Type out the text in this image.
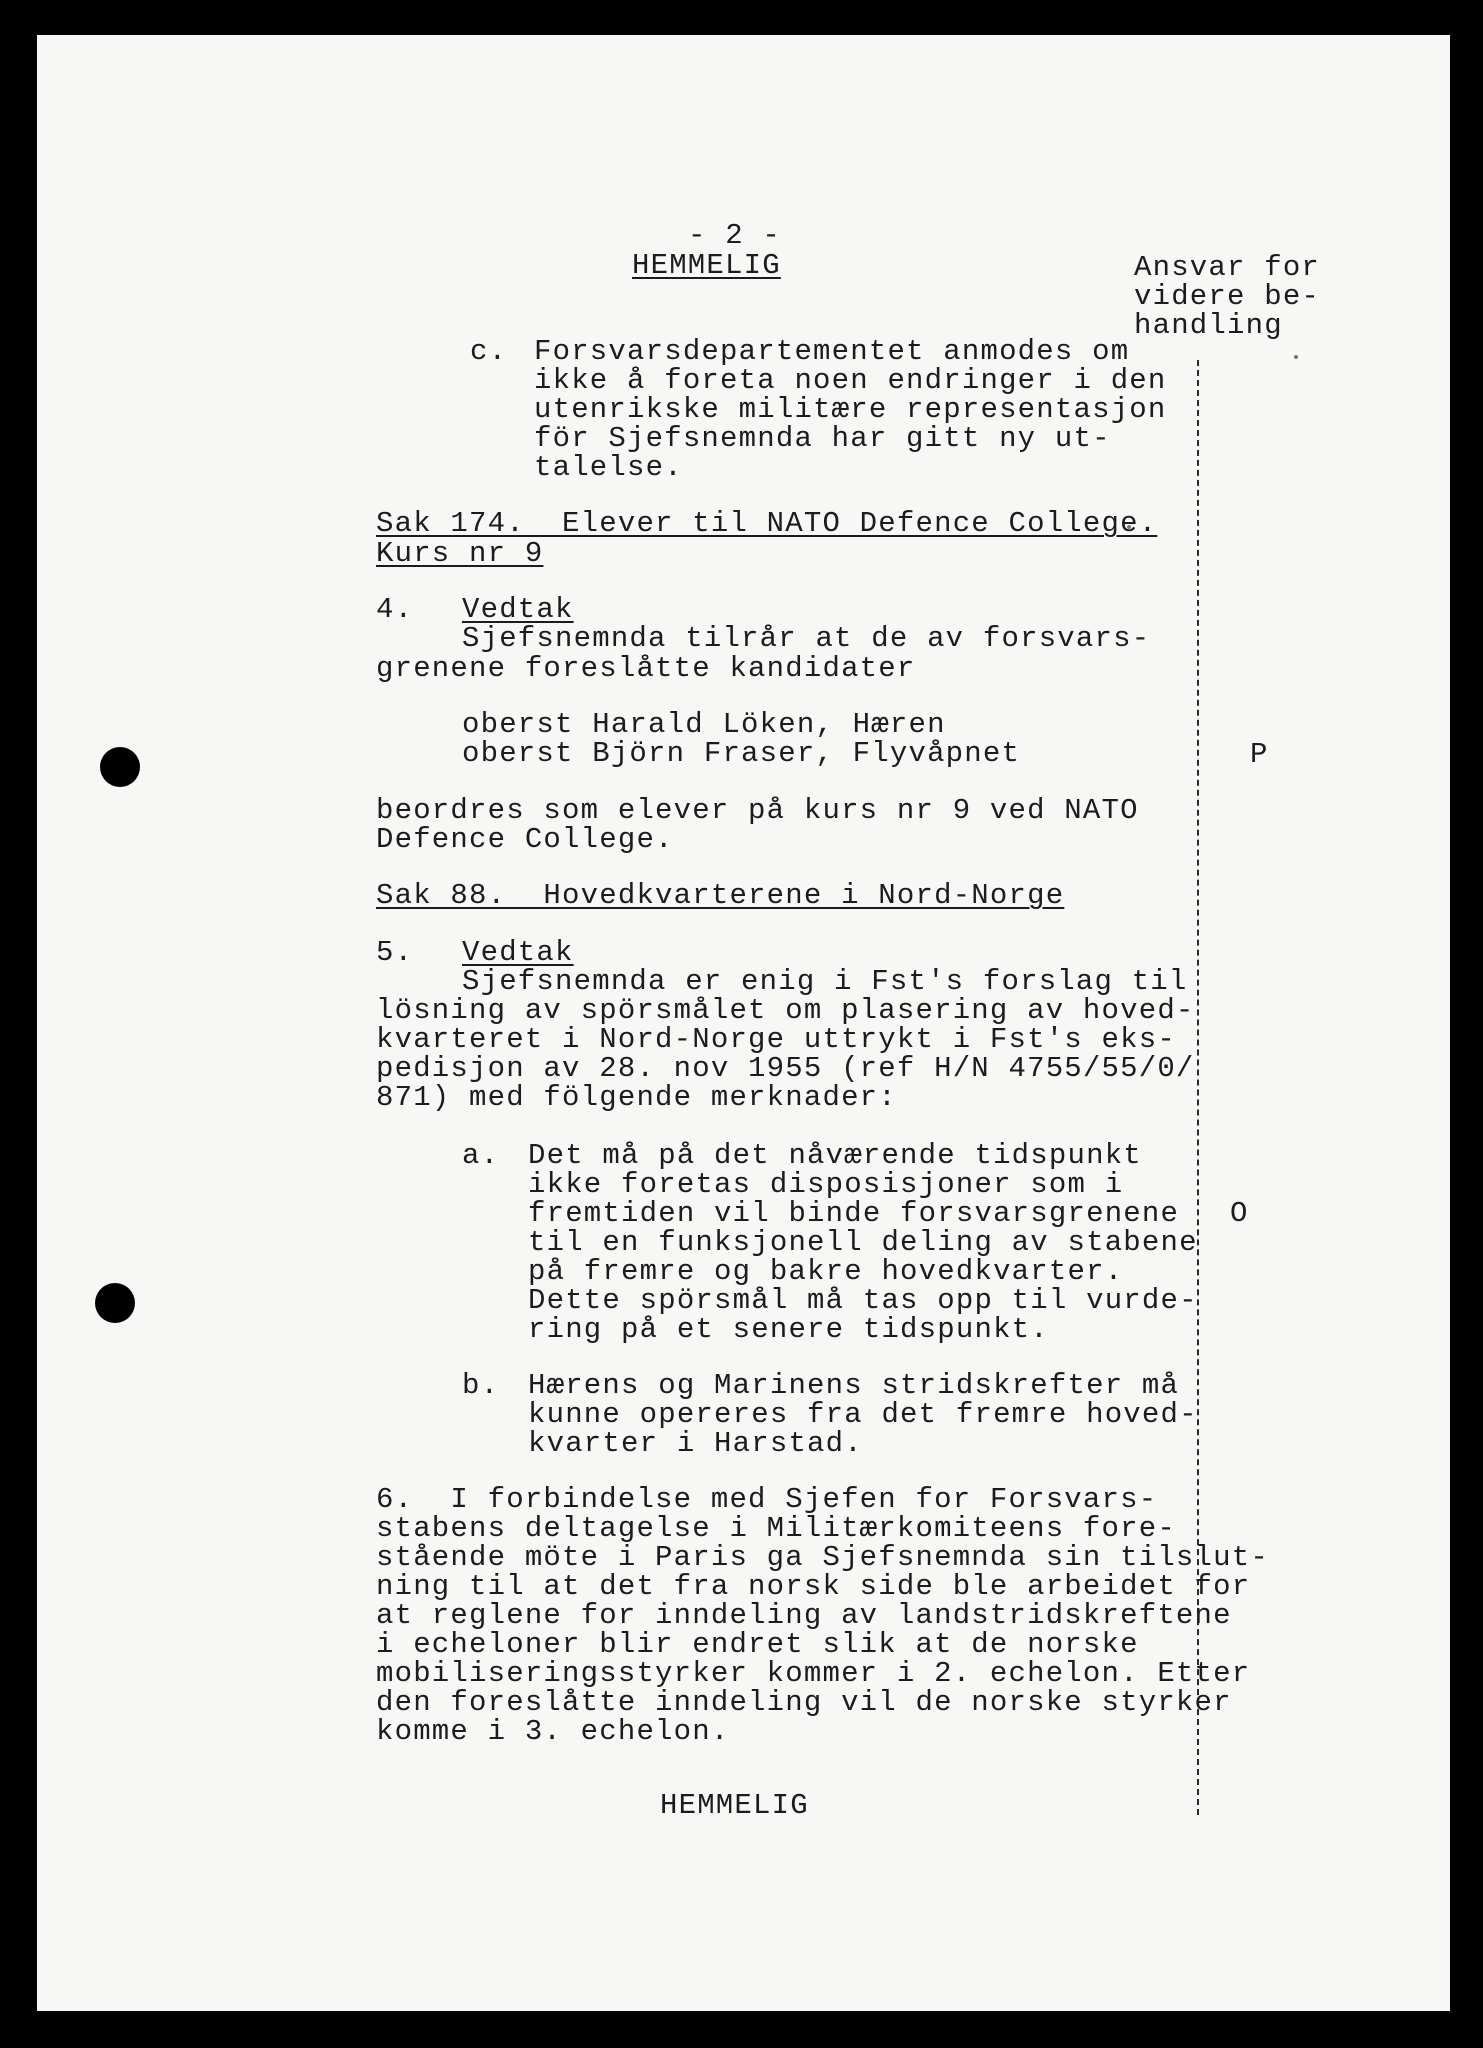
- 2 -

HEMMELIG	Ansvar for

videre be-

handling

P

O

c. Forsvarsdepartementet anmodes om

ikke å foreta noen endringer i den

utenrikske militære representasjon

för Sjefsnemnda har gitt ny ut-

talelse.

Sak 174.  Elever til NATO Defence College.

Kurs nr 9

4. Vedtak

Sjefsnemnda tilrår at de av forsvars-

grenene foreslåtte kandidater

oberst Harald Löken, Hæren

oberst Björn Fraser, Flyvåpnet

beordres som elever på kurs nr 9 ved NATO

Defence College.

Sak 88.  Hovedkvarterene i Nord-Norge

5. Vedtak

Sjefsnemnda er enig i Fst's forslag til

lösning av spörsmålet om plasering av hoved-

kvarteret i Nord-Norge uttrykt i Fst's eks-

pedisjon av 28. nov 1955 (ref H/N 4755/55/0/

871) med fölgende merknader:

a. Det må på det nåværende tidspunkt

ikke foretas disposisjoner som i

fremtiden vil binde forsvarsgrenene

til en funksjonell deling av stabene

på fremre og bakre hovedkvarter.

Dette spörsmål må tas opp til vurde-

ring på et senere tidspunkt.

b. Hærens og Marinens stridskrefter må

kunne opereres fra det fremre hoved-

kvarter i Harstad.

6.  I forbindelse med Sjefen for Forsvars-

stabens deltagelse i Militærkomiteens fore-

stående möte i Paris ga Sjefsnemnda sin tilslut-

ning til at det fra norsk side ble arbeidet for

at reglene for inndeling av landstridskreftene

i echeloner blir endret slik at de norske

mobiliseringsstyrker kommer i 2. echelon. Etter

den foreslåtte inndeling vil de norske styrker

komme i 3. echelon.

HEMMELIG
